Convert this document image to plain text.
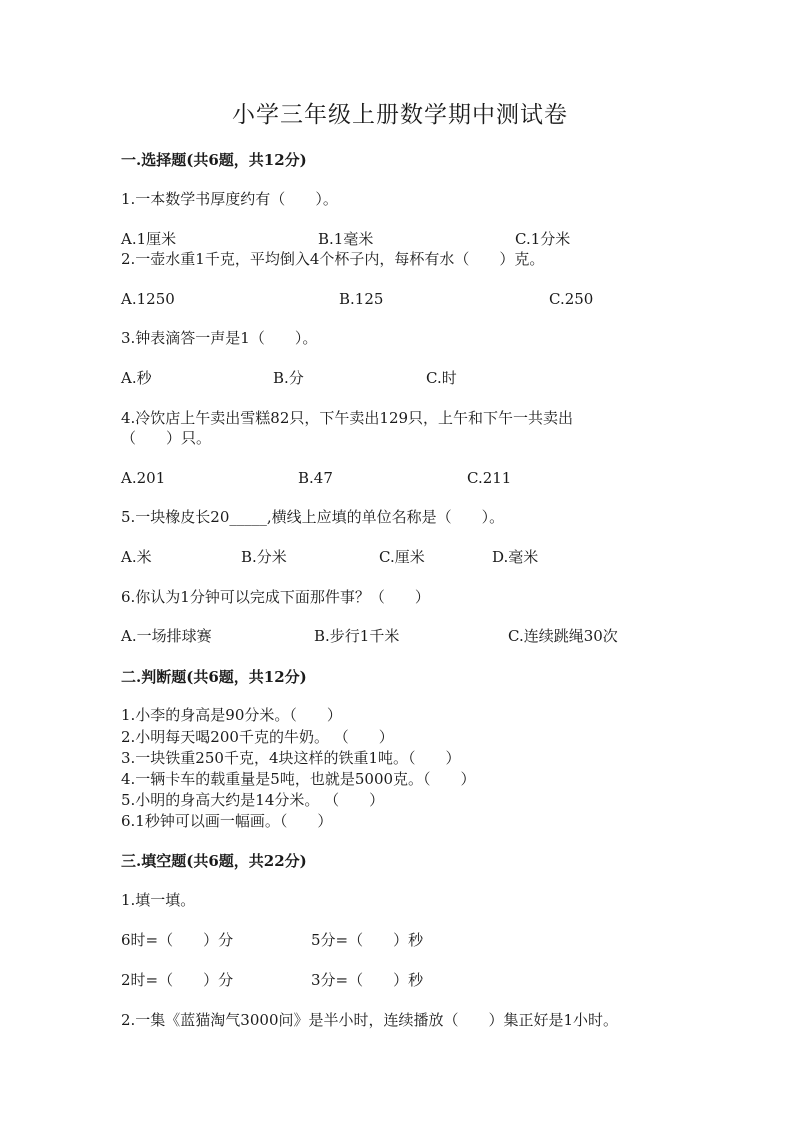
小学三年级上册数学期中测试卷
一.选择题(共6题，共12分)
1.一本数学书厚度约有（　　）。
A.1厘米	B.1毫米	C.1分米
2.一壶水重1千克，平均倒入4个杯子内，每杯有水（　　）克。
A.1250	B.125	C.250
3.钟表滴答一声是1（　　）。
A.秒	B.分	C.时
4.冷饮店上午卖出雪糕82只，下午卖出129只，上午和下午一共卖出
（　　）只。
A.201	B.47	C.211
5.一块橡皮长20_____,横线上应填的单位名称是（　　）。
A.米	B.分米	C.厘米	D.毫米
6.你认为1分钟可以完成下面那件事？（　　）
A.一场排球赛	B.步行1千米	C.连续跳绳30次
二.判断题(共6题，共12分)
1.小李的身高是90分米。（　　）
2.小明每天喝200千克的牛奶。 （　　）
3.一块铁重250千克，4块这样的铁重1吨。（　　）
4.一辆卡车的载重量是5吨，也就是5000克。（　　）
5.小明的身高大约是14分米。 （　　）
6.1秒钟可以画一幅画。（　　）
三.填空题(共6题，共22分)
1.填一填。
6时=（　　）分	5分=（　　）秒
2时=（　　）分	3分=（　　）秒
2.一集《蓝猫淘气3000问》是半小时，连续播放（　　）集正好是1小时。
